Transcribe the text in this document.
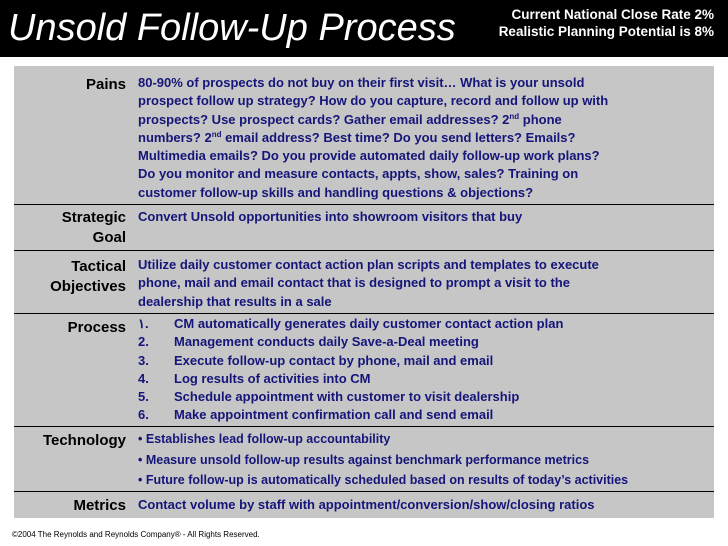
Unsold Follow-Up Process	Current National Close Rate 2%
Realistic Planning Potential is 8%
Pains 80-90% of prospects do not buy on their first visit… What is your unsold
prospect follow up strategy? How do you capture, record and follow up with
prospects? Use prospect cards? Gather email addresses? 2nd phone
numbers? 2nd email address? Best time? Do you send letters? Emails?
Multimedia emails? Do you provide automated daily follow-up work plans?
Do you monitor and measure contacts, appts, show, sales? Training on
customer follow-up skills and handling questions & objections?
Strategic
Goal
Convert Unsold opportunities into showroom visitors that buy
Tactical
Objectives
Utilize daily customer contact action plan scripts and templates to execute
phone, mail and email contact that is designed to prompt a visit to the
dealership that results in a sale
Process ١. CM automatically generates daily customer contact action plan
2. Management conducts daily Save-a-Deal meeting
3. Execute follow-up contact by phone, mail and email
4. Log results of activities into CM
5. Schedule appointment with customer to visit dealership
6. Make appointment confirmation call and send email
Technology • Establishes lead follow-up accountability
• Measure unsold follow-up results against benchmark performance metrics
• Future follow-up is automatically scheduled based on results of today’s activities
Metrics Contact volume by staff with appointment/conversion/show/closing ratios
©2004 The Reynolds and Reynolds Company® - All Rights Reserved.
